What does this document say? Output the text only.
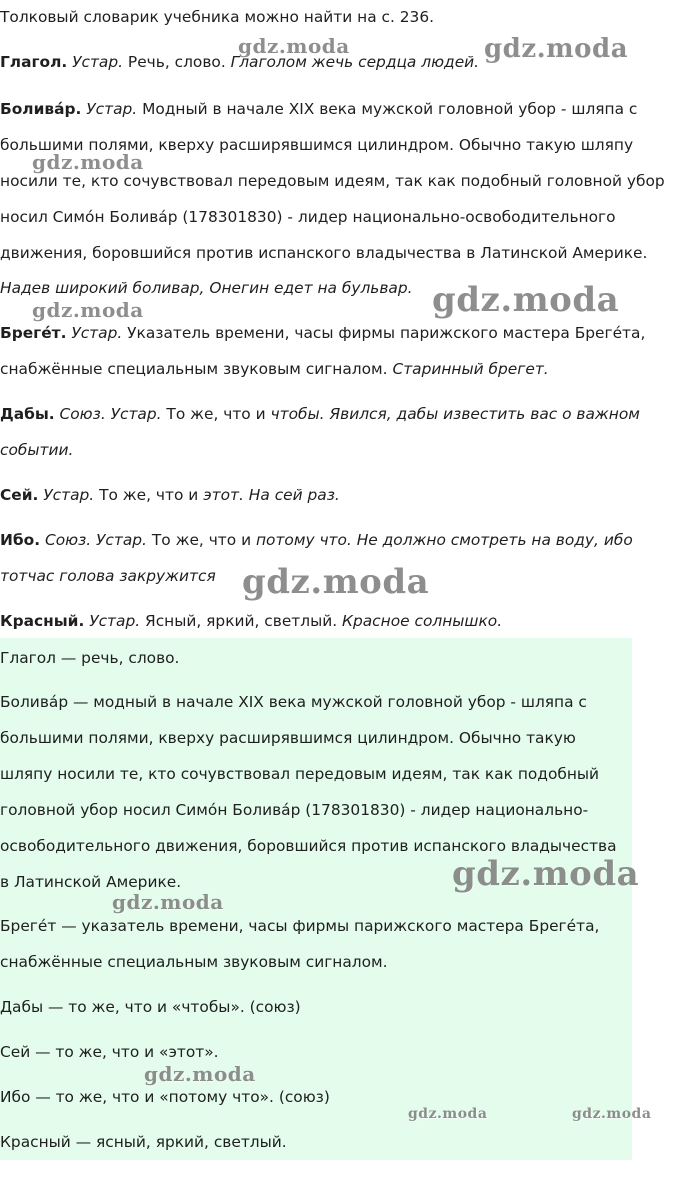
Толковый словарик учебника можно найти на с. 236.

Глагол. Устар. Речь, слово. Глаголом жечь сердца людей.

Болива́р. Устар. Модный в начале XIX века мужской головной убор - шляпа с большими полями, кверху расширявшимся цилиндром. Обычно такую шляпу носили те, кто сочувствовал передовым идеям, так как подобный головной убор носил Симо́н Болива́р (178301830) - лидер национально-освободительного движения, боровшийся против испанского владычества в Латинской Америке.

Надев широкий боливар, Онегин едет на бульвар.

Брегéт. Устар. Указатель времени, часы фирмы парижского мастера Брегéта, снабжённые специальным звуковым сигналом. Старинный брегет.

Дабы. Союз. Устар. То же, что и чтобы. Явился, дабы известить вас о важном событии.

Сей. Устар. То же, что и этот. На сей раз.

Ибо. Союз. Устар. То же, что и потому что. Не должно смотреть на воду, ибо тотчас голова закружится

Красный. Устар. Ясный, яркий, светлый. Красное солнышко.

Глагол — речь, слово.

Болива́р — модный в начале XIX века мужской головной убор - шляпа с большими полями, кверху расширявшимся цилиндром. Обычно такую шляпу носили те, кто сочувствовал передовым идеям, так как подобный головной убор носил Симо́н Болива́р (178301830) - лидер национально-освободительного движения, боровшийся против испанского владычества в Латинской Америке.

Брегéт — указатель времени, часы фирмы парижского мастера Брегéта, снабжённые специальным звуковым сигналом.

Дабы — то же, что и «чтобы». (союз)

Сей — то же, что и «этот».

Ибо — то же, что и «потому что». (союз)

Красный — ясный, яркий, светлый.

gdz.moda	gdz.moda
gdz.moda
gdz.moda
gdz.moda
gdz.moda
gdz.moda
gdz.moda
gdz.moda
gdz.moda	gdz.moda
